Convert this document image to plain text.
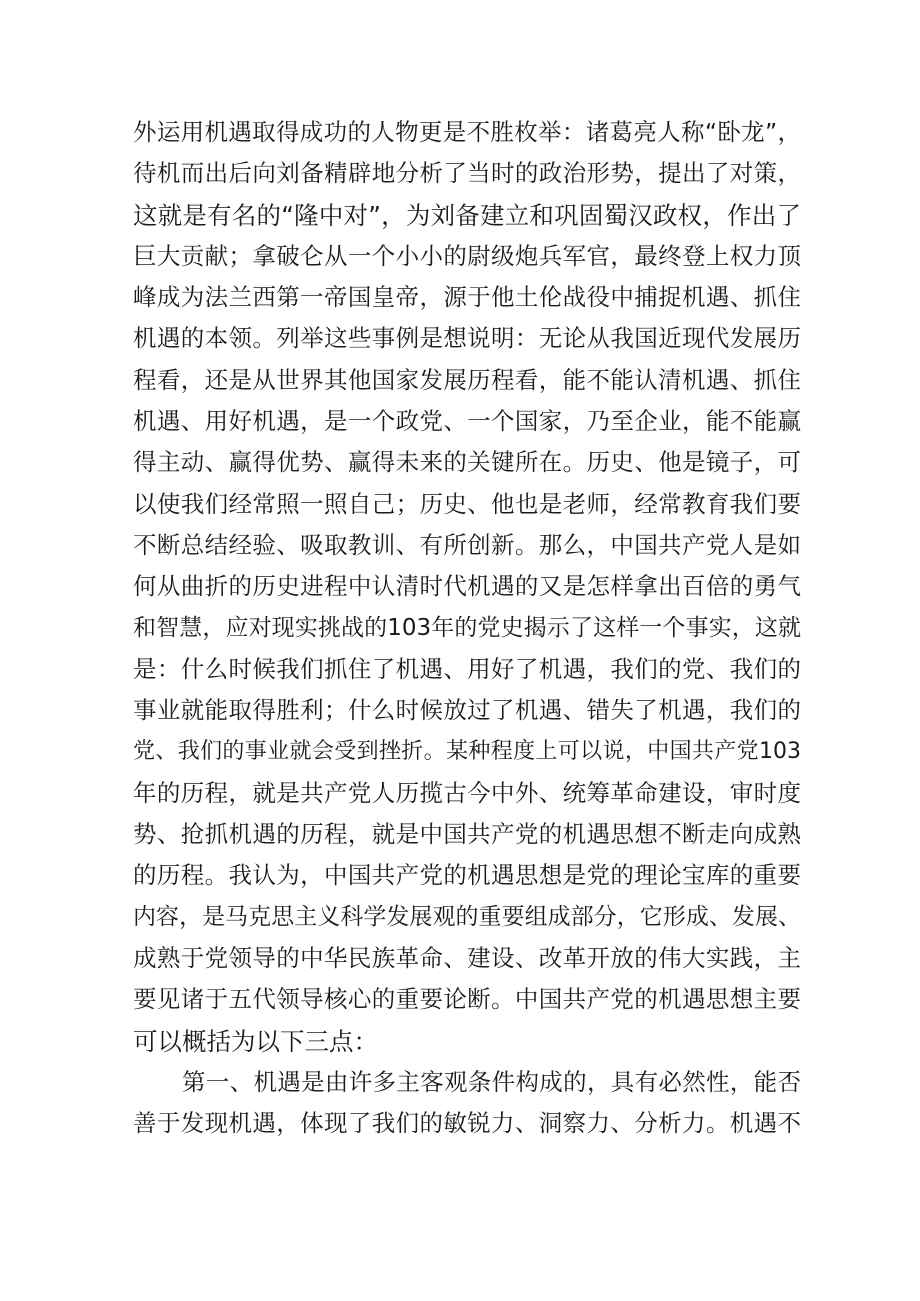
外运用机遇取得成功的人物更是不胜枚举：诸葛亮人称“卧龙”，
待机而出后向刘备精辟地分析了当时的政治形势，提出了对策，
这就是有名的“隆中对”，为刘备建立和巩固蜀汉政权，作出了
巨大贡献；拿破仑从一个小小的尉级炮兵军官，最终登上权力顶
峰成为法兰西第一帝国皇帝，源于他土伦战役中捕捉机遇、抓住
机遇的本领。列举这些事例是想说明：无论从我国近现代发展历
程看，还是从世界其他国家发展历程看，能不能认清机遇、抓住
机遇、用好机遇，是一个政党、一个国家，乃至企业，能不能赢
得主动、赢得优势、赢得未来的关键所在。历史、他是镜子，可
以使我们经常照一照自己；历史、他也是老师，经常教育我们要
不断总结经验、吸取教训、有所创新。那么，中国共产党人是如
何从曲折的历史进程中认清时代机遇的又是怎样拿出百倍的勇气
和智慧，应对现实挑战的103年的党史揭示了这样一个事实，这就
是：什么时候我们抓住了机遇、用好了机遇，我们的党、我们的
事业就能取得胜利；什么时候放过了机遇、错失了机遇，我们的
党、我们的事业就会受到挫折。某种程度上可以说，中国共产党103
年的历程，就是共产党人历揽古今中外、统筹革命建设，审时度
势、抢抓机遇的历程，就是中国共产党的机遇思想不断走向成熟
的历程。我认为，中国共产党的机遇思想是党的理论宝库的重要
内容，是马克思主义科学发展观的重要组成部分，它形成、发展、
成熟于党领导的中华民族革命、建设、改革开放的伟大实践，主
要见诸于五代领导核心的重要论断。中国共产党的机遇思想主要
可以概括为以下三点：
第一、机遇是由许多主客观条件构成的，具有必然性，能否
善于发现机遇，体现了我们的敏锐力、洞察力、分析力。机遇不
